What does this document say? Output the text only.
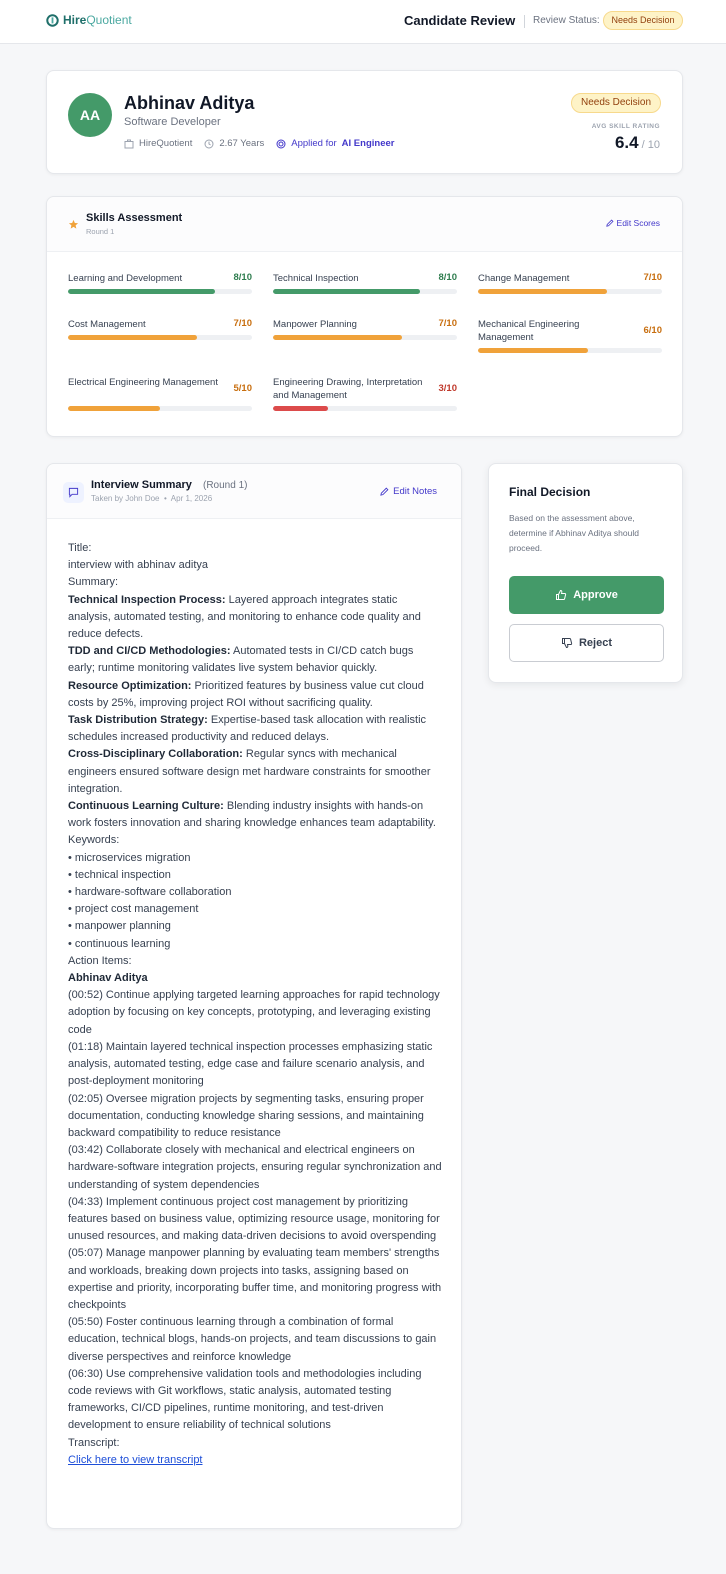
HireQuotient	Candidate Review Review Status:	Needs Decision
AA
Abhinav Aditya
Software Developer
HireQuotient	2.67 Years	Applied for AI Engineer
Needs Decision
AVG SKILL RATING
6.4 / 10
Skills Assessment
Round 1
Edit Scores
Learning and Development	8/10 Technical Inspection	8/10 Change Management	7/10
Cost Management	7/10 Manpower Planning	7/10 Mechanical Engineering Management
6/10
Electrical Engineering Management
5/10
Engineering Drawing, Interpretation and Management
3/10
Interview Summary (Round 1)
Taken by John Doe • Apr 1, 2026
Edit Notes

Title:

interview with abhinav aditya

Summary:

Technical Inspection Process: Layered approach integrates static analysis, automated testing, and monitoring to enhance code quality and reduce defects.

TDD and CI/CD Methodologies: Automated tests in CI/CD catch bugs early; runtime monitoring validates live system behavior quickly.

Resource Optimization: Prioritized features by business value cut cloud costs by 25%, improving project ROI without sacrificing quality.

Task Distribution Strategy: Expertise-based task allocation with realistic schedules increased productivity and reduced delays.

Cross-Disciplinary Collaboration: Regular syncs with mechanical engineers ensured software design met hardware constraints for smoother integration.

Continuous Learning Culture: Blending industry insights with hands-on work fosters innovation and sharing knowledge enhances team adaptability.

Keywords:

• microservices migration

• technical inspection

• hardware-software collaboration

• project cost management

• manpower planning

• continuous learning

Action Items:

Abhinav Aditya

(00:52) Continue applying targeted learning approaches for rapid technology adoption by focusing on key concepts, prototyping, and leveraging existing code

(01:18) Maintain layered technical inspection processes emphasizing static analysis, automated testing, edge case and failure scenario analysis, and post-deployment monitoring

(02:05) Oversee migration projects by segmenting tasks, ensuring proper documentation, conducting knowledge sharing sessions, and maintaining backward compatibility to reduce resistance

(03:42) Collaborate closely with mechanical and electrical engineers on hardware-software integration projects, ensuring regular synchronization and understanding of system dependencies

(04:33) Implement continuous project cost management by prioritizing features based on business value, optimizing resource usage, monitoring for unused resources, and making data-driven decisions to avoid overspending

(05:07) Manage manpower planning by evaluating team members' strengths and workloads, breaking down projects into tasks, assigning based on expertise and priority, incorporating buffer time, and monitoring progress with checkpoints

(05:50) Foster continuous learning through a combination of formal education, technical blogs, hands-on projects, and team discussions to gain diverse perspectives and reinforce knowledge

(06:30) Use comprehensive validation tools and methodologies including code reviews with Git workflows, static analysis, automated testing frameworks, CI/CD pipelines, runtime monitoring, and test-driven development to ensure reliability of technical solutions

Transcript:

Click here to view transcript

Final Decision
Based on the assessment above, determine if Abhinav Aditya should proceed.
Approve
Reject
